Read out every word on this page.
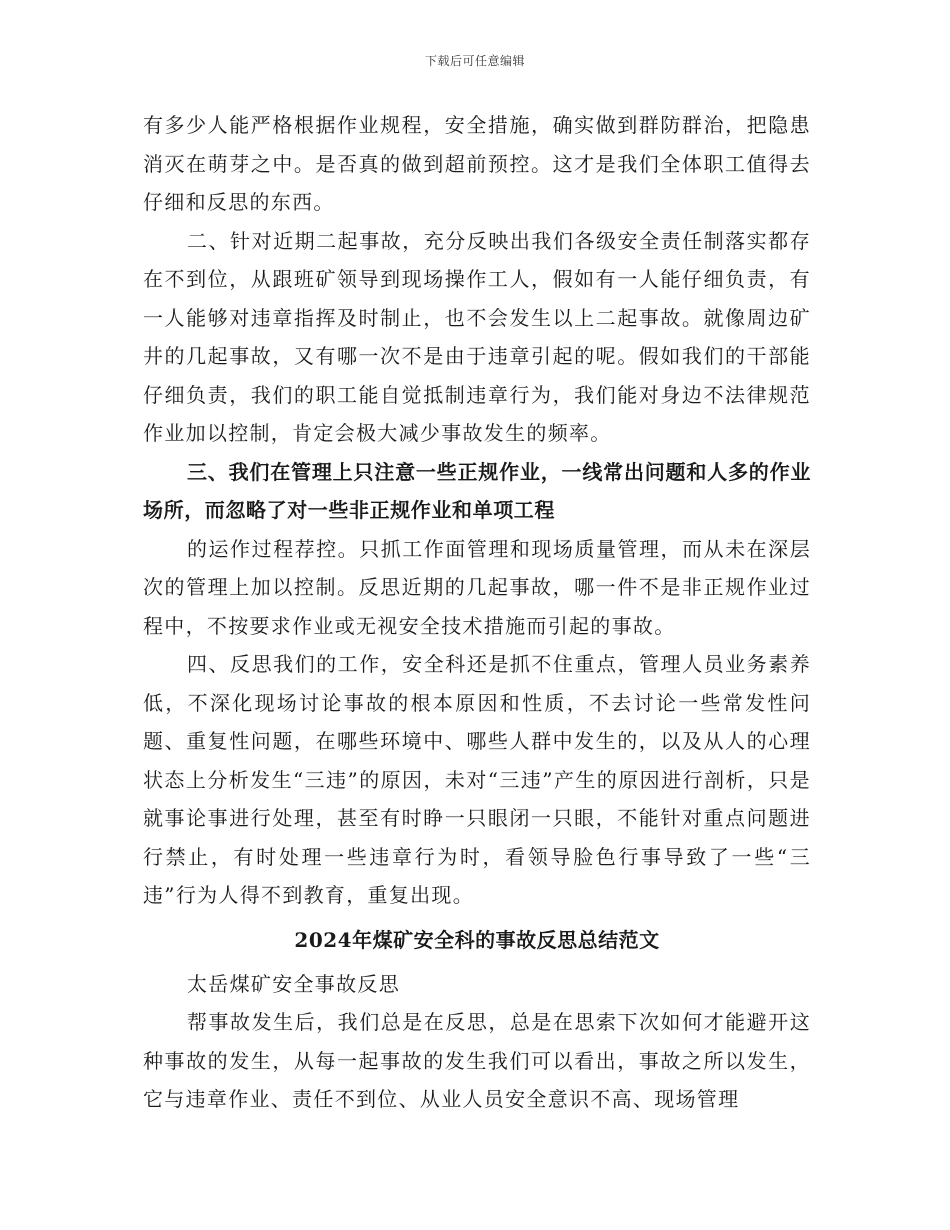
下载后可任意编辑

有多少人能严格根据作业规程，安全措施，确实做到群防群治，把隐患消灭在萌芽之中。是否真的做到超前预控。这才是我们全体职工值得去仔细和反思的东西。

二、针对近期二起事故，充分反映出我们各级安全责任制落实都存在不到位，从跟班矿领导到现场操作工人，假如有一人能仔细负责，有一人能够对违章指挥及时制止，也不会发生以上二起事故。就像周边矿井的几起事故，又有哪一次不是由于违章引起的呢。假如我们的干部能仔细负责，我们的职工能自觉抵制违章行为，我们能对身边不法律规范作业加以控制，肯定会极大减少事故发生的频率。

三、我们在管理上只注意一些正规作业，一线常出问题和人多的作业场所，而忽略了对一些非正规作业和单项工程

的运作过程荐控。只抓工作面管理和现场质量管理，而从未在深层次的管理上加以控制。反思近期的几起事故，哪一件不是非正规作业过程中，不按要求作业或无视安全技术措施而引起的事故。

四、反思我们的工作，安全科还是抓不住重点，管理人员业务素养低，不深化现场讨论事故的根本原因和性质，不去讨论一些常发性问题、重复性问题，在哪些环境中、哪些人群中发生的，以及从人的心理状态上分析发生“三违”的原因，未对“三违”产生的原因进行剖析，只是就事论事进行处理，甚至有时睁一只眼闭一只眼，不能针对重点问题进行禁止，有时处理一些违章行为时，看领导脸色行事导致了一些“三违”行为人得不到教育，重复出现。

2024年煤矿安全科的事故反思总结范文

太岳煤矿安全事故反思

帮事故发生后，我们总是在反思，总是在思索下次如何才能避开这种事故的发生，从每一起事故的发生我们可以看出，事故之所以发生，它与违章作业、责任不到位、从业人员安全意识不高、现场管理
